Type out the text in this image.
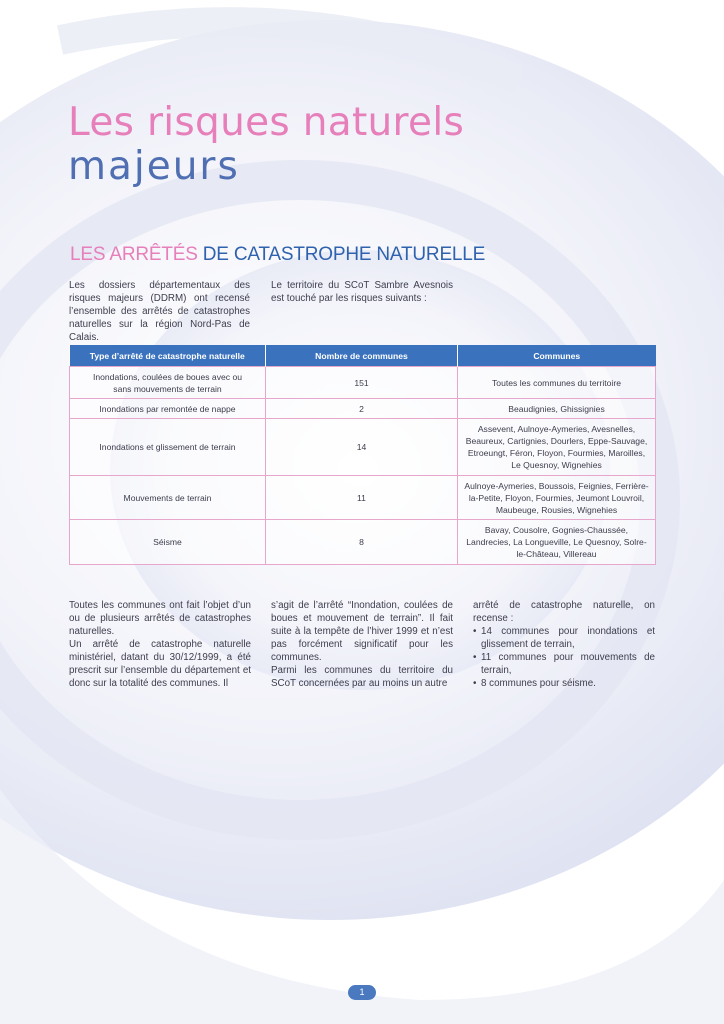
Les risques naturels
majeurs
LES ARRÊTÉS DE CATASTROPHE NATURELLE

Les dossiers départementaux des risques majeurs (DDRM) ont recensé l’ensemble des arrêtés de catastrophes naturelles sur la région Nord-Pas de Calais.

Le territoire du SCoT Sambre Avesnois est touché par les risques suivants :

Type d’arrêté de catastrophe naturelle	Nombre de communes	Communes
Inondations, coulées de boues avec ou sans mouvements de terrain	151	Toutes les communes du territoire
Inondations par remontée de nappe	2	Beaudignies, Ghissignies
Inondations et glissement de terrain	14	Assevent, Aulnoye-Aymeries, Avesnelles, Beaureux, Cartignies, Dourlers, Eppe-Sauvage, Etroeungt, Féron, Floyon, Fourmies, Maroilles, Le Quesnoy, Wignehies
Mouvements de terrain	11	Aulnoye-Aymeries, Boussois, Feignies, Ferrière-la-Petite, Floyon, Fourmies, Jeumont Louvroil, Maubeuge, Rousies, Wignehies
Séisme	8	Bavay, Cousolre, Gognies-Chaussée, Landrecies, La Longueville, Le Quesnoy, Solre-le-Château, Villereau

Toutes les communes ont fait l’objet d’un ou de plusieurs arrêtés de catastrophes naturelles.
Un arrêté de catastrophe naturelle ministériel, datant du 30/12/1999, a été prescrit sur l’ensemble du département et donc sur la totalité des communes. Il

s’agit de l’arrêté “Inondation, coulées de boues et mouvement de terrain”. Il fait suite à la tempête de l’hiver 1999 et n’est pas forcément significatif pour les communes.
Parmi les communes du territoire du SCoT concernées par au moins un autre

arrêté de catastrophe naturelle, on recense :
• 14 communes pour inondations et glissement de terrain,
• 11 communes pour mouvements de terrain,
• 8 communes pour séisme.
1
